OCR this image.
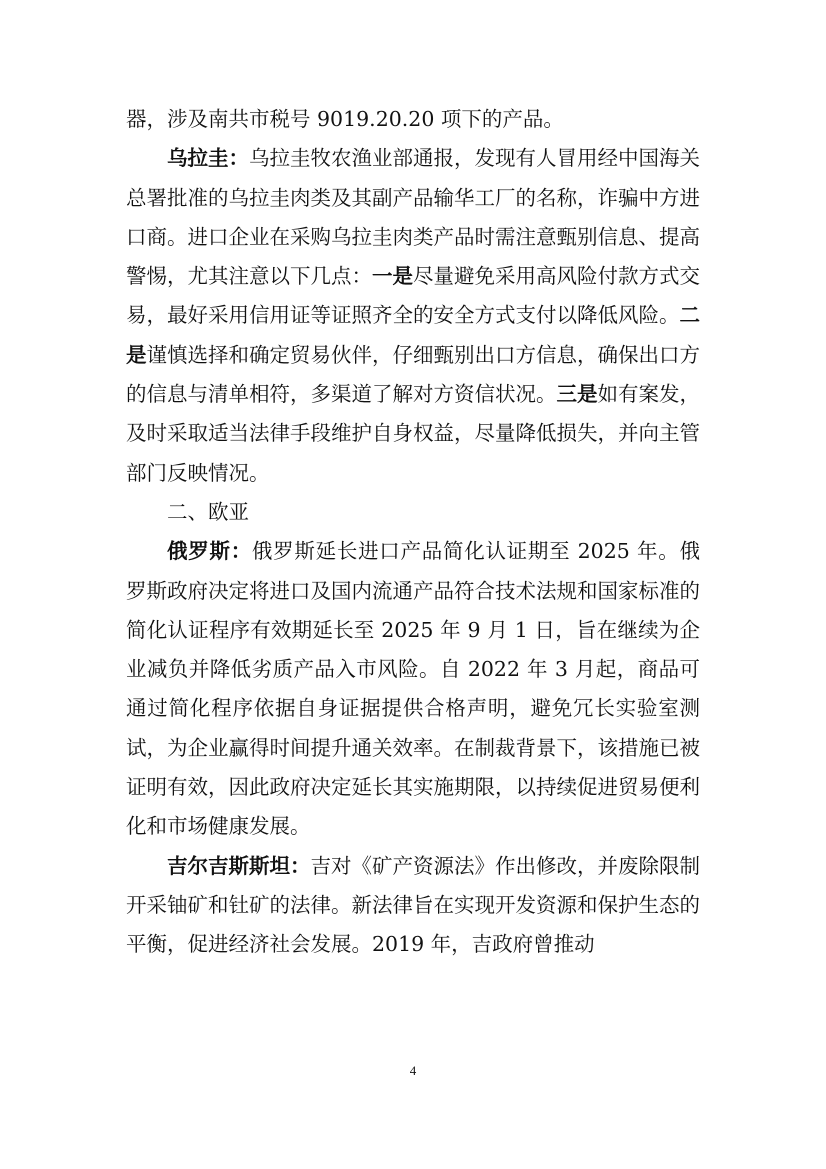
器，涉及南共市税号 9019.20.20 项下的产品。

乌拉圭：乌拉圭牧农渔业部通报，发现有人冒用经中国海关总署批准的乌拉圭肉类及其副产品输华工厂的名称，诈骗中方进口商。进口企业在采购乌拉圭肉类产品时需注意甄别信息、提高警惕，尤其注意以下几点：一是尽量避免采用高风险付款方式交易，最好采用信用证等证照齐全的安全方式支付以降低风险。二是谨慎选择和确定贸易伙伴，仔细甄别出口方信息，确保出口方的信息与清单相符，多渠道了解对方资信状况。三是如有案发，及时采取适当法律手段维护自身权益，尽量降低损失，并向主管部门反映情况。

二、欧亚

俄罗斯：俄罗斯延长进口产品简化认证期至 2025 年。俄罗斯政府决定将进口及国内流通产品符合技术法规和国家标准的简化认证程序有效期延长至 2025 年 9 月 1 日，旨在继续为企业减负并降低劣质产品入市风险。自 2022 年 3 月起，商品可通过简化程序依据自身证据提供合格声明，避免冗长实验室测试，为企业赢得时间提升通关效率。在制裁背景下，该措施已被证明有效，因此政府决定延长其实施期限，以持续促进贸易便利化和市场健康发展。

吉尔吉斯斯坦：吉对《矿产资源法》作出修改，并废除限制开采铀矿和钍矿的法律。新法律旨在实现开发资源和保护生态的平衡，促进经济社会发展。2019 年，吉政府曾推动

4
